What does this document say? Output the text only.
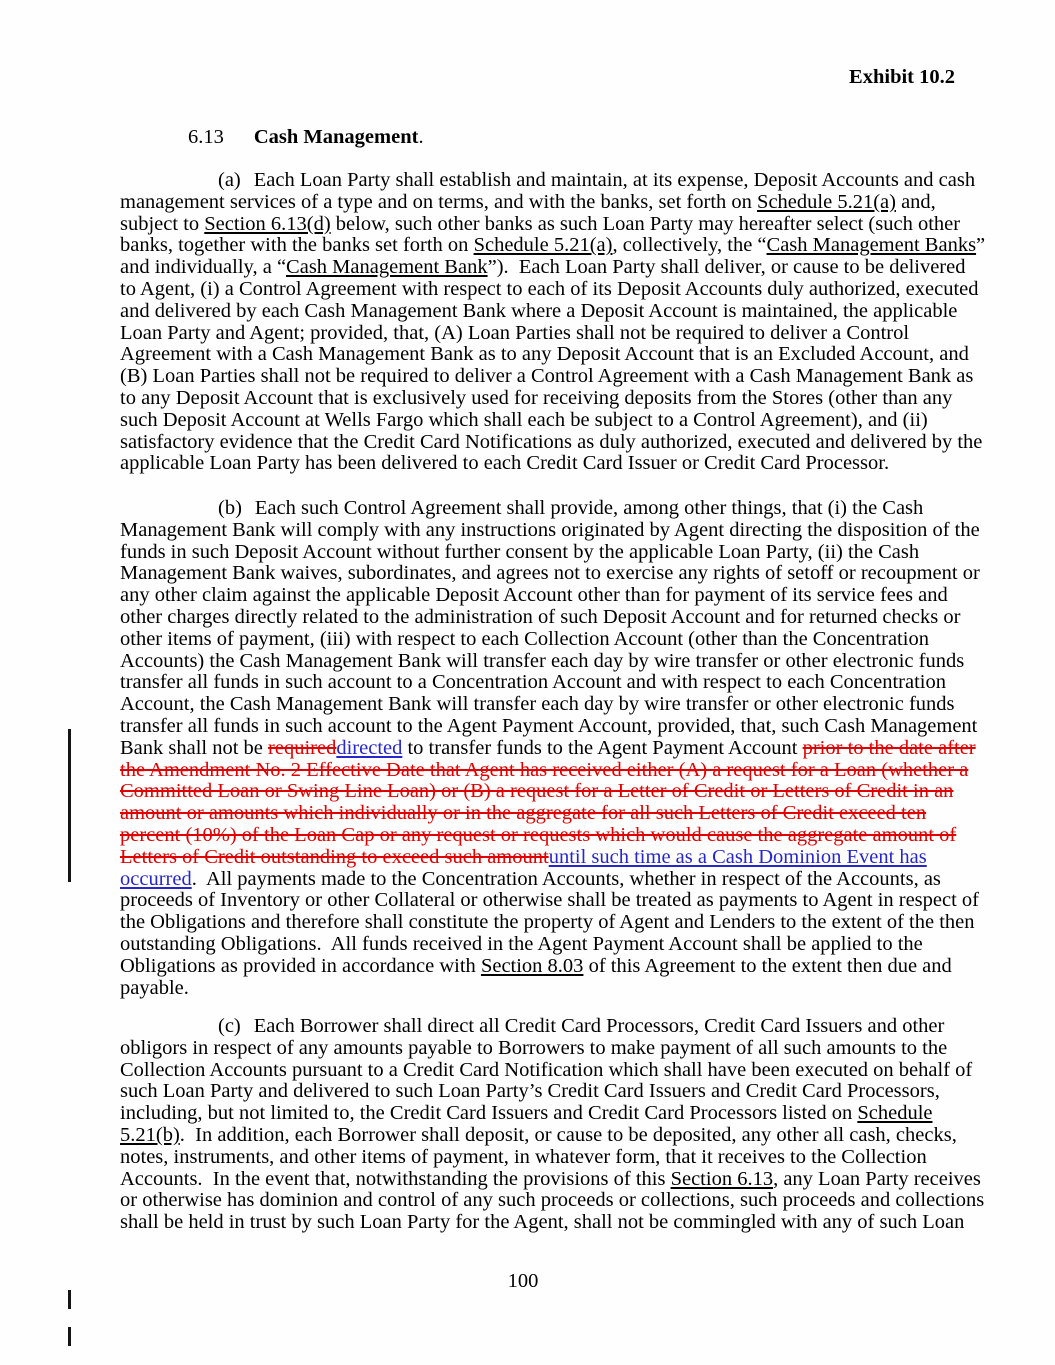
Exhibit 10.2
6.13 Cash Management.
(a) Each Loan Party shall establish and maintain, at its expense, Deposit Accounts and cash
management services of a type and on terms, and with the banks, set forth on Schedule 5.21(a) and,
subject to Section 6.13(d) below, such other banks as such Loan Party may hereafter select (such other
banks, together with the banks set forth on Schedule 5.21(a), collectively, the “Cash Management Banks”
and individually, a “Cash Management Bank”).  Each Loan Party shall deliver, or cause to be delivered
to Agent, (i) a Control Agreement with respect to each of its Deposit Accounts duly authorized, executed
and delivered by each Cash Management Bank where a Deposit Account is maintained, the applicable
Loan Party and Agent; provided, that, (A) Loan Parties shall not be required to deliver a Control
Agreement with a Cash Management Bank as to any Deposit Account that is an Excluded Account, and
(B) Loan Parties shall not be required to deliver a Control Agreement with a Cash Management Bank as
to any Deposit Account that is exclusively used for receiving deposits from the Stores (other than any
such Deposit Account at Wells Fargo which shall each be subject to a Control Agreement), and (ii)
satisfactory evidence that the Credit Card Notifications as duly authorized, executed and delivered by the
applicable Loan Party has been delivered to each Credit Card Issuer or Credit Card Processor.
(b) Each such Control Agreement shall provide, among other things, that (i) the Cash
Management Bank will comply with any instructions originated by Agent directing the disposition of the
funds in such Deposit Account without further consent by the applicable Loan Party, (ii) the Cash
Management Bank waives, subordinates, and agrees not to exercise any rights of setoff or recoupment or
any other claim against the applicable Deposit Account other than for payment of its service fees and
other charges directly related to the administration of such Deposit Account and for returned checks or
other items of payment, (iii) with respect to each Collection Account (other than the Concentration
Accounts) the Cash Management Bank will transfer each day by wire transfer or other electronic funds
transfer all funds in such account to a Concentration Account and with respect to each Concentration
Account, the Cash Management Bank will transfer each day by wire transfer or other electronic funds
transfer all funds in such account to the Agent Payment Account, provided, that, such Cash Management
Bank shall not be requireddirected to transfer funds to the Agent Payment Account prior to the date after
the Amendment No. 2 Effective Date that Agent has received either (A) a request for a Loan (whether a
Committed Loan or Swing Line Loan) or (B) a request for a Letter of Credit or Letters of Credit in an
amount or amounts which individually or in the aggregate for all such Letters of Credit exceed ten
percent (10%) of the Loan Cap or any request or requests which would cause the aggregate amount of
Letters of Credit outstanding to exceed such amountuntil such time as a Cash Dominion Event has
occurred.  All payments made to the Concentration Accounts, whether in respect of the Accounts, as
proceeds of Inventory or other Collateral or otherwise shall be treated as payments to Agent in respect of
the Obligations and therefore shall constitute the property of Agent and Lenders to the extent of the then
outstanding Obligations.  All funds received in the Agent Payment Account shall be applied to the
Obligations as provided in accordance with Section 8.03 of this Agreement to the extent then due and
payable.
(c) Each Borrower shall direct all Credit Card Processors, Credit Card Issuers and other
obligors in respect of any amounts payable to Borrowers to make payment of all such amounts to the
Collection Accounts pursuant to a Credit Card Notification which shall have been executed on behalf of
such Loan Party and delivered to such Loan Party’s Credit Card Issuers and Credit Card Processors,
including, but not limited to, the Credit Card Issuers and Credit Card Processors listed on Schedule
5.21(b).  In addition, each Borrower shall deposit, or cause to be deposited, any other all cash, checks,
notes, instruments, and other items of payment, in whatever form, that it receives to the Collection
Accounts.  In the event that, notwithstanding the provisions of this Section 6.13, any Loan Party receives
or otherwise has dominion and control of any such proceeds or collections, such proceeds and collections
shall be held in trust by such Loan Party for the Agent, shall not be commingled with any of such Loan
100
